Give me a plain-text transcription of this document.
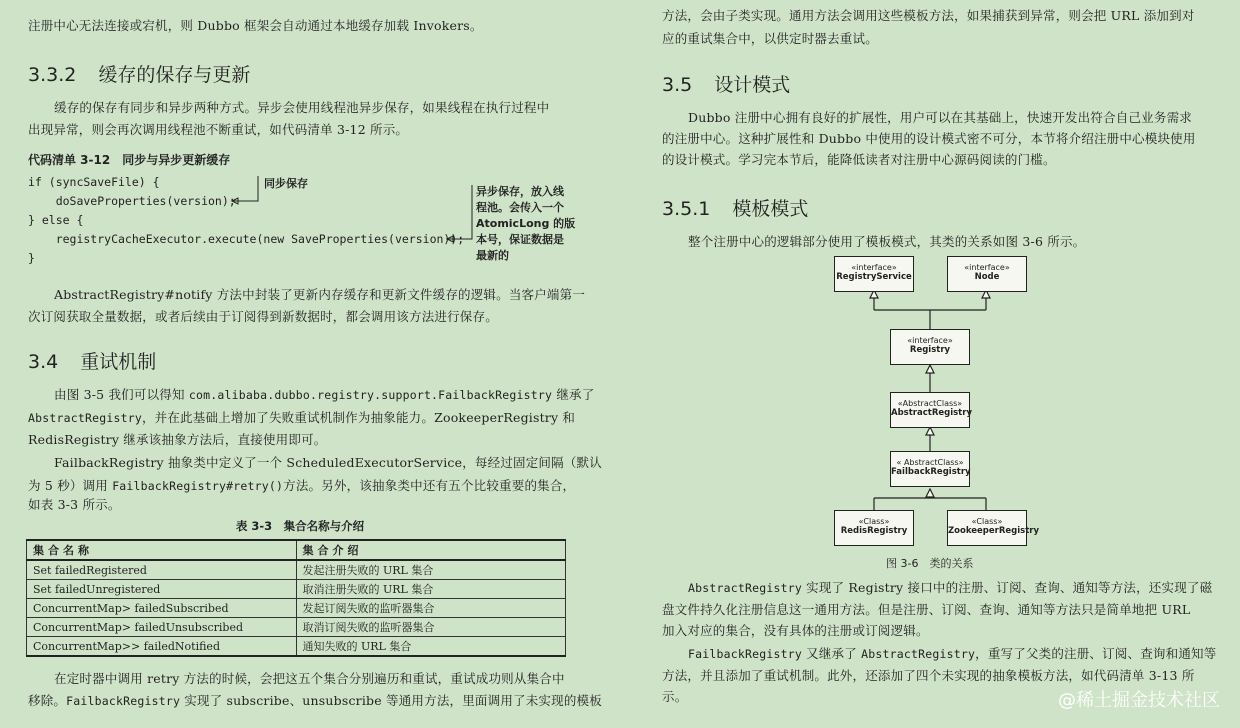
注册中心无法连接或宕机，则 Dubbo 框架会自动通过本地缓存加载 Invokers。
3.3.2 缓存的保存与更新
缓存的保存有同步和异步两种方式。异步会使用线程池异步保存，如果线程在执行过程中
出现异常，则会再次调用线程池不断重试，如代码清单 3-12 所示。
代码清单 3-12　同步与异步更新缓存
if (syncSaveFile) {
doSaveProperties(version);
} else {
registryCacheExecutor.execute(new SaveProperties(version));
}
同步保存
异步保存，放入线
程池。会传入一个
AtomicLong 的版
本号，保证数据是
最新的
AbstractRegistry#notify 方法中封装了更新内存缓存和更新文件缓存的逻辑。当客户端第一
次订阅获取全量数据，或者后续由于订阅得到新数据时，都会调用该方法进行保存。
3.4 重试机制
由图 3-5 我们可以得知 com.alibaba.dubbo.registry.support.FailbackRegistry 继承了
AbstractRegistry，并在此基础上增加了失败重试机制作为抽象能力。ZookeeperRegistry 和
RedisRegistry 继承该抽象方法后，直接使用即可。
FailbackRegistry 抽象类中定义了一个 ScheduledExecutorService，每经过固定间隔（默认
为 5 秒）调用 FailbackRegistry#retry()方法。另外，该抽象类中还有五个比较重要的集合，
如表 3-3 所示。
表 3-3　集合名称与介绍
集合名称	集合介绍
Set failedRegistered	发起注册失败的 URL 集合
Set failedUnregistered	取消注册失败的 URL 集合
ConcurrentMap> failedSubscribed	发起订阅失败的监听器集合
ConcurrentMap> failedUnsubscribed	取消订阅失败的监听器集合
ConcurrentMap>> failedNotified	通知失败的 URL 集合
在定时器中调用 retry 方法的时候，会把这五个集合分别遍历和重试，重试成功则从集合中
移除。FailbackRegistry 实现了 subscribe、unsubscribe 等通用方法，里面调用了未实现的模板
方法，会由子类实现。通用方法会调用这些模板方法，如果捕获到异常，则会把 URL 添加到对
应的重试集合中，以供定时器去重试。
3.5 设计模式
Dubbo 注册中心拥有良好的扩展性，用户可以在其基础上，快速开发出符合自己业务需求
的注册中心。这种扩展性和 Dubbo 中使用的设计模式密不可分，本节将介绍注册中心模块使用
的设计模式。学习完本节后，能降低读者对注册中心源码阅读的门槛。
3.5.1 模板模式
整个注册中心的逻辑部分使用了模板模式，其类的关系如图 3-6 所示。
«interface»
RegistryService
«interface»
Node
«interface»
Registry
«AbstractClass»
AbstractRegistry
« AbstractClass»
FailbackRegistry
«Class»
RedisRegistry
«Class»
ZookeeperRegistry
图 3-6　类的关系
AbstractRegistry 实现了 Registry 接口中的注册、订阅、查询、通知等方法，还实现了磁
盘文件持久化注册信息这一通用方法。但是注册、订阅、查询、通知等方法只是简单地把 URL
加入对应的集合，没有具体的注册或订阅逻辑。
FailbackRegistry 又继承了 AbstractRegistry，重写了父类的注册、订阅、查询和通知等
方法，并且添加了重试机制。此外，还添加了四个未实现的抽象模板方法，如代码清单 3-13 所
示。	@稀土掘金技术社区
